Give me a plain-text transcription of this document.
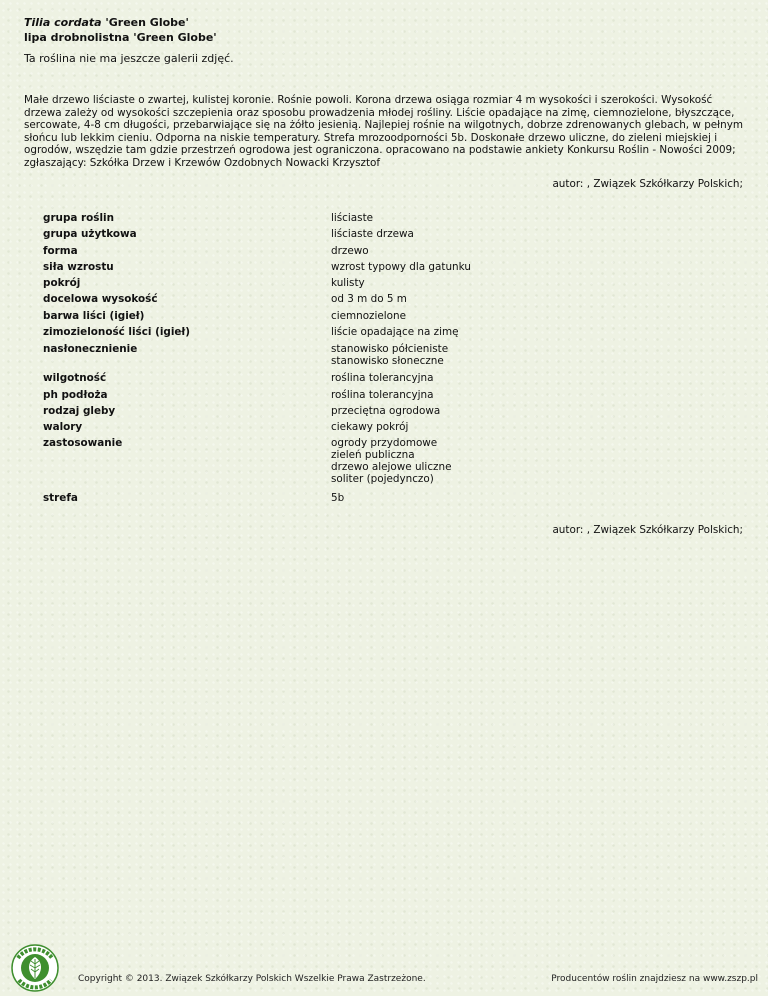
Tilia cordata 'Green Globe'
lipa drobnolistna 'Green Globe'
Ta roślina nie ma jeszcze galerii zdjęć.
Małe drzewo liściaste o zwartej, kulistej koronie. Rośnie powoli. Korona drzewa osiąga rozmiar 4 m wysokości i szerokości. Wysokość drzewa zależy od wysokości szczepienia oraz sposobu prowadzenia młodej rośliny. Liście opadające na zimę, ciemnozielone, błyszczące, sercowate, 4-8 cm długości, przebarwiające się na żółto jesienią. Najlepiej rośnie na wilgotnych, dobrze zdrenowanych glebach, w pełnym słońcu lub lekkim cieniu. Odporna na niskie temperatury. Strefa mrozoodporności 5b. Doskonałe drzewo uliczne, do zieleni miejskiej i ogrodów, wszędzie tam gdzie przestrzeń ogrodowa jest ograniczona. opracowano na podstawie ankiety Konkursu Roślin - Nowości 2009; zgłaszający: Szkółka Drzew i Krzewów Ozdobnych Nowacki Krzysztof
autor: , Związek Szkółkarzy Polskich;
grupa roślin	liściaste
grupa użytkowa	liściaste drzewa
forma	drzewo
siła wzrostu	wzrost typowy dla gatunku
pokrój	kulisty
docelowa wysokość	od 3 m do 5 m
barwa liści (igieł)	ciemnozielone
zimozieloność liści (igieł)	liście opadające na zimę
nasłonecznienie	stanowisko półcieniste
stanowisko słoneczne
wilgotność	roślina tolerancyjna
ph podłoża	roślina tolerancyjna
rodzaj gleby	przeciętna ogrodowa
walory	ciekawy pokrój
zastosowanie	ogrody przydomowe
zieleń publiczna
drzewo alejowe uliczne
soliter (pojedynczo)
strefa	5b
autor: , Związek Szkółkarzy Polskich;
Copyright © 2013. Związek Szkółkarzy Polskich Wszelkie Prawa Zastrzeżone.	Producentów roślin znajdziesz na www.zszp.pl
